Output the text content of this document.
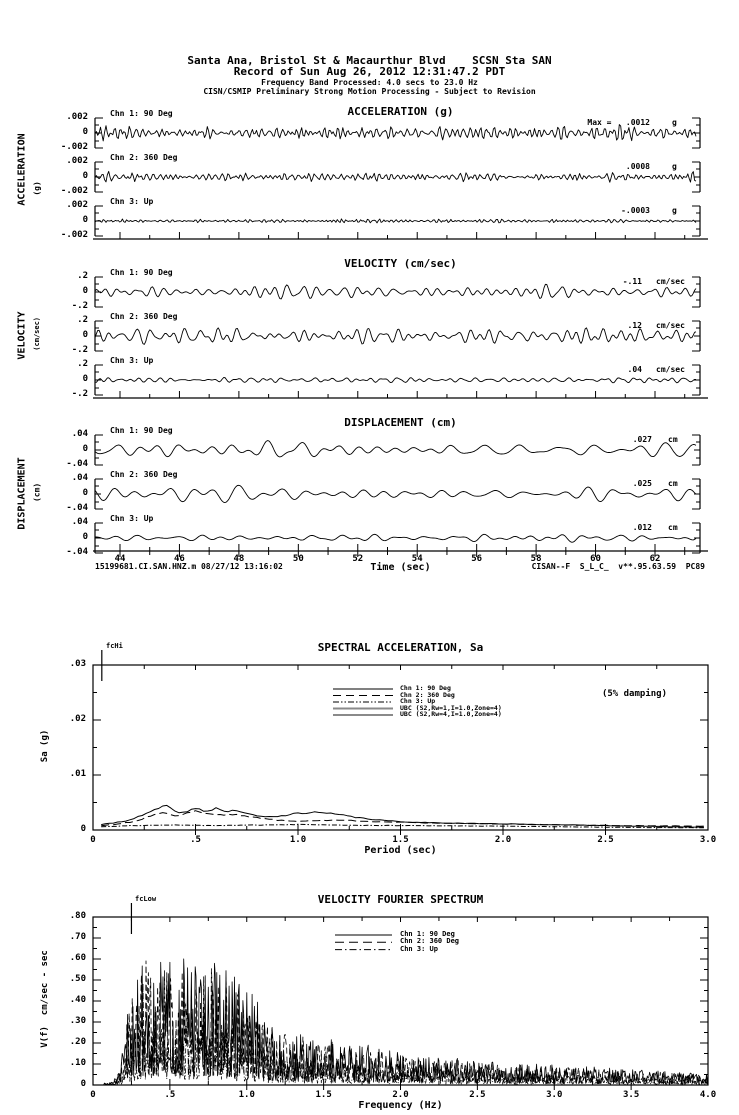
Santa Ana, Bristol St & Macaurthur Blvd    SCSN Sta SAN
Record of Sun Aug 26, 2012 12:31:47.2 PDT
Frequency Band Processed: 4.0 secs to 23.0 Hz
CISN/CSMIP Preliminary Strong Motion Processing - Subject to Revision
ACCELERATION (g)
VELOCITY (cm/sec)
DISPLACEMENT (cm)
SPECTRAL ACCELERATION, Sa
VELOCITY FOURIER SPECTRUM
ACCELERATION (g)
VELOCITY (cm/sec)
DISPLACEMENT (cm)
Sa (g)
V(f)  cm/sec - sec
Time (sec)
Period (sec)
Frequency (Hz)
15199681.CI.SAN.HNZ.m 08/27/12 13:16:02	CISAN--F  S_L_C_  v**.95.63.59  PC89
(5% damping)
fcHi
fcLow
Chn 1: 90 Deg
.002
0
-.002
Max =   .0012	g
Chn 2: 360 Deg
.002
0
-.002
.0008	g
Chn 3: Up
.002
0
-.002
-.0003	g
Chn 1: 90 Deg
.2
0
-.2
-.11 cm/sec
Chn 2: 360 Deg
.2
0
-.2
.12 cm/sec
Chn 3: Up
.2
0
-.2
.04 cm/sec
44	46	48	50	52	54	56	58	60	62
Chn 1: 90 Deg
.04
0
-.04
.027 cm
Chn 2: 360 Deg
.04
0
-.04
.025 cm
Chn 3: Up
.04
0
-.04
.012 cm
.03
.02
.01
0
0	.5	1.0	1.5	2.0	2.5	3.0
Chn 1: 90 Deg
Chn 2: 360 Deg
Chn 3: Up
UBC (S2,Rw=1,I=1.0,Zone=4)
UBC (S2,Rw=4,I=1.0,Zone=4)
.80
.70
.60
.50
.40
.30
.20
.10
0
0	.5	1.0	1.5	2.0	2.5	3.0	3.5	4.0
Chn 1: 90 Deg
Chn 2: 360 Deg
Chn 3: Up
